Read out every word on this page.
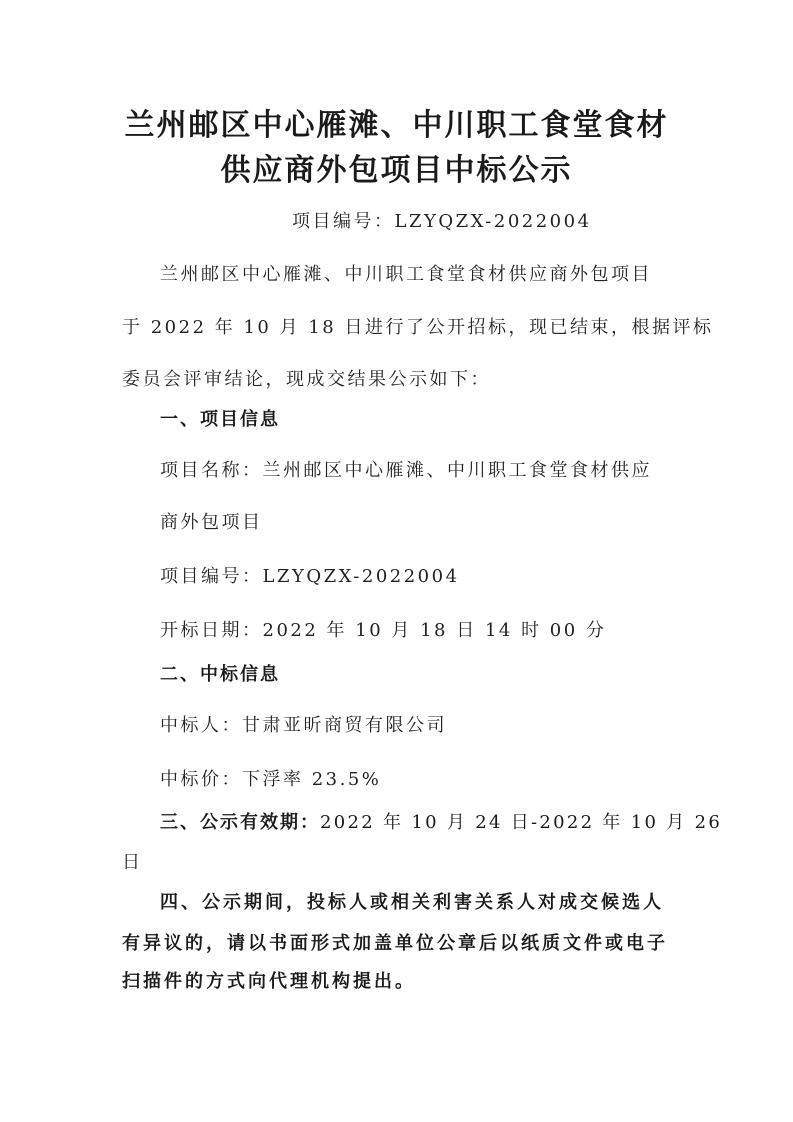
兰州邮区中心雁滩、中川职工食堂食材
供应商外包项目中标公示
项目编号：LZYQZX-2022004
兰州邮区中心雁滩、中川职工食堂食材供应商外包项目
于 2022 年 10 月 18 日进行了公开招标，现已结束，根据评标
委员会评审结论，现成交结果公示如下：
一、项目信息
项目名称：兰州邮区中心雁滩、中川职工食堂食材供应
商外包项目
项目编号：LZYQZX-2022004
开标日期：2022 年 10 月 18 日 14 时 00 分
二、中标信息
中标人：甘肃亚昕商贸有限公司
中标价：下浮率 23.5%
三、公示有效期：2022 年 10 月 24 日-2022 年 10 月 26
日
四、公示期间，投标人或相关利害关系人对成交候选人
有异议的，请以书面形式加盖单位公章后以纸质文件或电子
扫描件的方式向代理机构提出。
